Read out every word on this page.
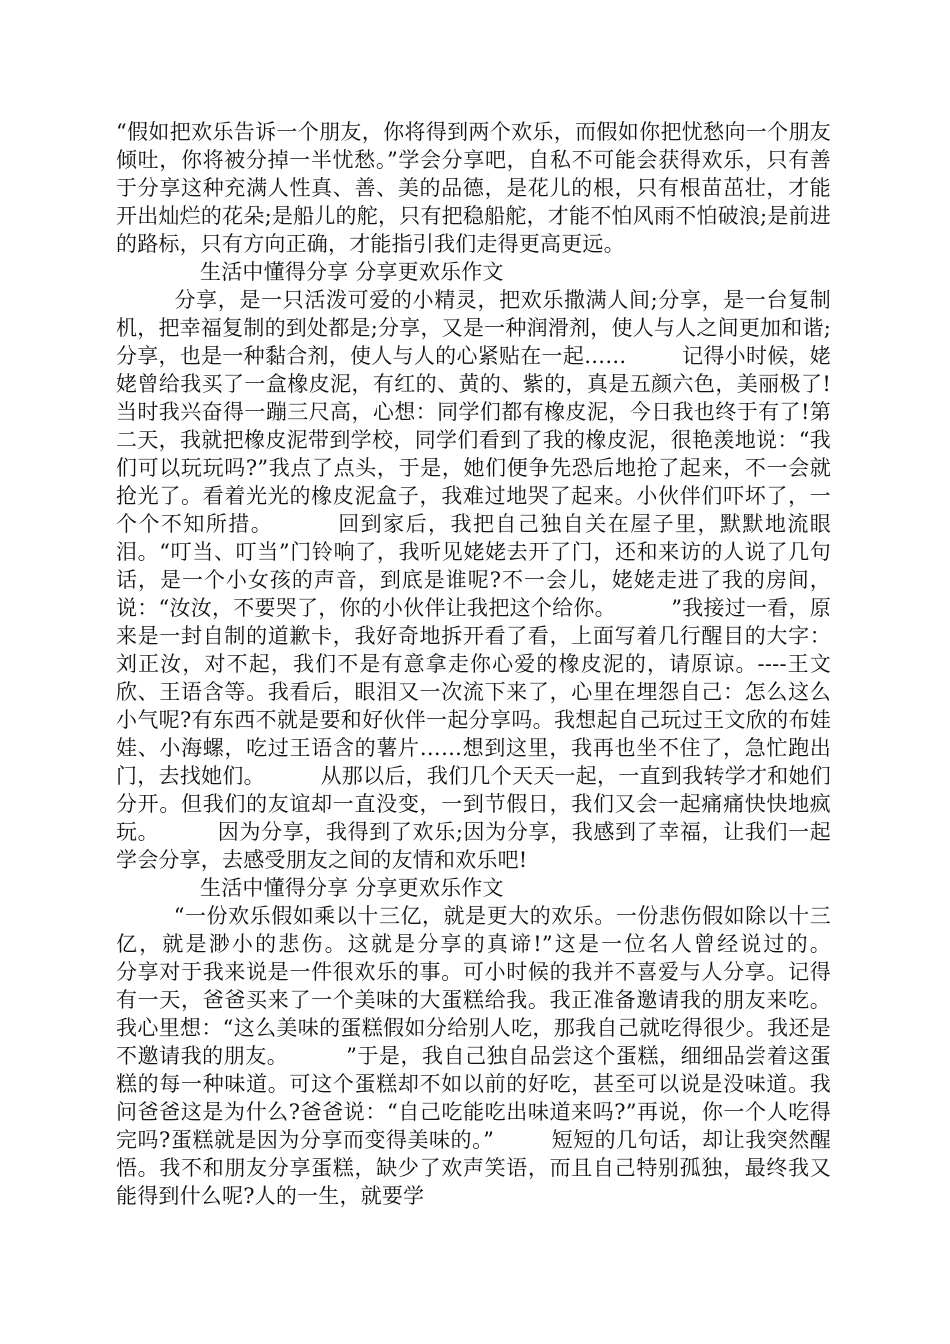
“假如把欢乐告诉一个朋友，你将得到两个欢乐，而假如你把忧愁向一个朋友倾吐，你将被分掉一半忧愁。”学会分享吧，自私不可能会获得欢乐，只有善于分享这种充满人性真、善、美的品德，是花儿的根，只有根苗茁壮，才能开出灿烂的花朵;是船儿的舵，只有把稳船舵，才能不怕风雨不怕破浪;是前进的路标，只有方向正确，才能指引我们走得更高更远。

生活中懂得分享 分享更欢乐作文

分享，是一只活泼可爱的小精灵，把欢乐撒满人间;分享，是一台复制机，把幸福复制的到处都是;分享，又是一种润滑剂，使人与人之间更加和谐;分享，也是一种黏合剂，使人与人的心紧贴在一起……        记得小时候，姥姥曾给我买了一盒橡皮泥，有红的、黄的、紫的，真是五颜六色，美丽极了!当时我兴奋得一蹦三尺高，心想：同学们都有橡皮泥，今日我也终于有了!第二天，我就把橡皮泥带到学校，同学们看到了我的橡皮泥，很艳羡地说：“我们可以玩玩吗?”我点了点头，于是，她们便争先恐后地抢了起来，不一会就抢光了。看着光光的橡皮泥盒子，我难过地哭了起来。小伙伴们吓坏了，一个个不知所措。        回到家后，我把自己独自关在屋子里，默默地流眼泪。“叮当、叮当”门铃响了，我听见姥姥去开了门，还和来访的人说了几句话，是一个小女孩的声音，到底是谁呢?不一会儿，姥姥走进了我的房间，说：“汝汝，不要哭了，你的小伙伴让我把这个给你。        ”我接过一看，原来是一封自制的道歉卡，我好奇地拆开看了看，上面写着几行醒目的大字：刘正汝，对不起，我们不是有意拿走你心爱的橡皮泥的，请原谅。----王文欣、王语含等。我看后，眼泪又一次流下来了，心里在埋怨自己：怎么这么小气呢?有东西不就是要和好伙伴一起分享吗。我想起自己玩过王文欣的布娃娃、小海螺，吃过王语含的薯片……想到这里，我再也坐不住了，急忙跑出门，去找她们。        从那以后，我们几个天天一起，一直到我转学才和她们分开。但我们的友谊却一直没变，一到节假日，我们又会一起痛痛快快地疯玩。        因为分享，我得到了欢乐;因为分享，我感到了幸福，让我们一起学会分享，去感受朋友之间的友情和欢乐吧!

生活中懂得分享 分享更欢乐作文

“一份欢乐假如乘以十三亿，就是更大的欢乐。一份悲伤假如除以十三亿，就是渺小的悲伤。这就是分享的真谛!”这是一位名人曾经说过的。        分享对于我来说是一件很欢乐的事。可小时候的我并不喜爱与人分享。记得有一天，爸爸买来了一个美味的大蛋糕给我。我正准备邀请我的朋友来吃。我心里想：“这么美味的蛋糕假如分给别人吃，那我自己就吃得很少。我还是不邀请我的朋友。        ”于是，我自己独自品尝这个蛋糕，细细品尝着这蛋糕的每一种味道。可这个蛋糕却不如以前的好吃，甚至可以说是没味道。我问爸爸这是为什么?爸爸说：“自己吃能吃出味道来吗?”再说，你一个人吃得完吗?蛋糕就是因为分享而变得美味的。”        短短的几句话，却让我突然醒悟。我不和朋友分享蛋糕，缺少了欢声笑语，而且自己特别孤独，最终我又能得到什么呢?人的一生，就要学
